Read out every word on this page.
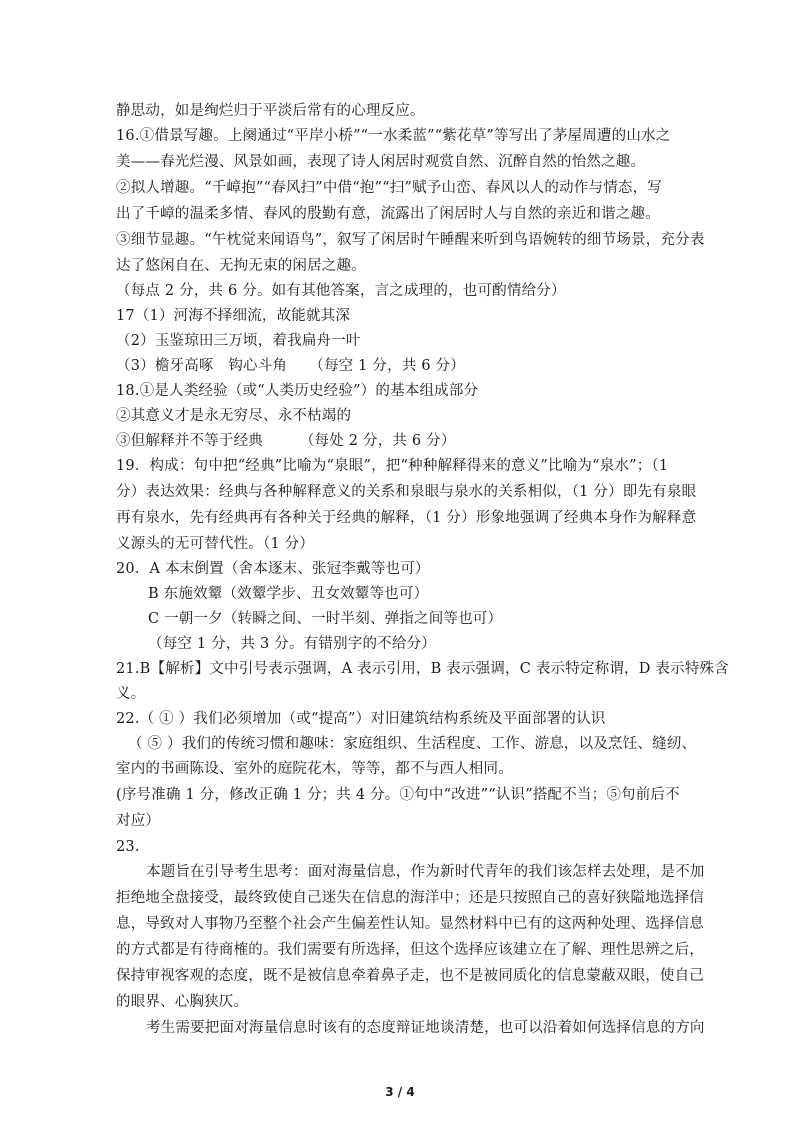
静思动，如是绚烂归于平淡后常有的心理反应。
16.①借景写趣。上阕通过“平岸小桥”“一水柔蓝”“紫花草”等写出了茅屋周遭的山水之
美——春光烂漫、风景如画，表现了诗人闲居时观赏自然、沉醉自然的怡然之趣。
②拟人增趣。“千嶂抱”“春风扫”中借“抱”“扫”赋予山峦、春风以人的动作与情态，写
出了千嶂的温柔多情、春风的殷勤有意，流露出了闲居时人与自然的亲近和谐之趣。
③细节显趣。“午枕觉来闻语鸟”，叙写了闲居时午睡醒来听到鸟语婉转的细节场景，充分表
达了悠闲自在、无拘无束的闲居之趣。
（每点 2 分，共 6 分。如有其他答案，言之成理的，也可酌情给分）
17（1）河海不择细流，故能就其深
（2）玉鉴琼田三万顷，着我扁舟一叶
（3）檐牙高啄　钩心斗角　　（每空 1 分，共 6 分）
18.①是人类经验（或“人类历史经验”）的基本组成部分
②其意义才是永无穷尽、永不枯竭的
③但解释并不等于经典　　　（每处 2 分，共 6 分）
19．构成：句中把“经典”比喻为“泉眼”，把“种种解释得来的意义”比喻为“泉水”；（1
分）表达效果：经典与各种解释意义的关系和泉眼与泉水的关系相似，（1 分）即先有泉眼
再有泉水，先有经典再有各种关于经典的解释，（1 分）形象地强调了经典本身作为解释意
义源头的无可替代性。（1 分）
20．A 本末倒置（舍本逐末、张冠李戴等也可）
B 东施效颦（效颦学步、丑女效颦等也可）
C 一朝一夕（转瞬之间、一时半刻、弹指之间等也可）
（每空 1 分，共 3 分。有错别字的不给分）
21.B【解析】文中引号表示强调，A 表示引用，B 表示强调，C 表示特定称谓，D 表示特殊含
义。
22.（ ① ）我们必须增加（或“提高”）对旧建筑结构系统及平面部署的认识
（ ⑤ ）我们的传统习惯和趣味：家庭组织、生活程度、工作、游息，以及烹饪、缝纫、
室内的书画陈设、室外的庭院花木，等等，都不与西人相同。
(序号准确 1 分，修改正确 1 分；共 4 分。①句中“改进”“认识”搭配不当；⑤句前后不
对应）
23.
本题旨在引导考生思考：面对海量信息，作为新时代青年的我们该怎样去处理，是不加
拒绝地全盘接受，最终致使自己迷失在信息的海洋中；还是只按照自己的喜好狭隘地选择信
息，导致对人事物乃至整个社会产生偏差性认知。显然材料中已有的这两种处理、选择信息
的方式都是有待商榷的。我们需要有所选择，但这个选择应该建立在了解、理性思辨之后，
保持审视客观的态度，既不是被信息牵着鼻子走，也不是被同质化的信息蒙蔽双眼，使自己
的眼界、心胸狭仄。
考生需要把面对海量信息时该有的态度辩证地谈清楚，也可以沿着如何选择信息的方向
3 / 4
